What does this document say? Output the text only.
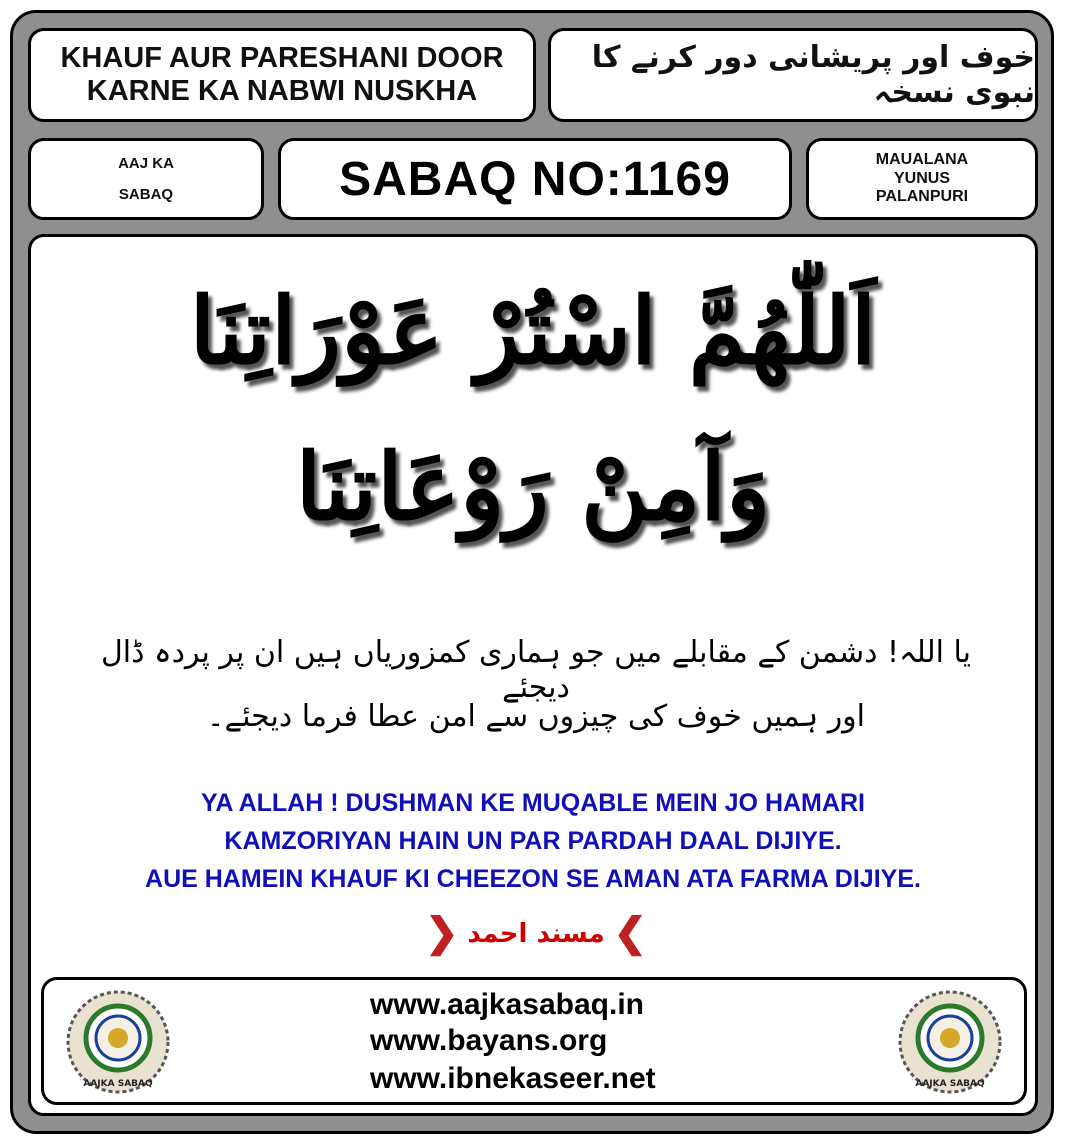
KHAUF AUR PARESHANI DOOR
KARNE KA NABWI NUSKHA
خوف اور پریشانی دور کرنے کا نبوی نسخہ
AAJ KA
SABAQ	SABAQ NO:1169	MAUALANA
YUNUS
PALANPURI
اَللّٰهُمَّ اسْتُرْ عَوْرَاتِنَا
وَآمِنْ رَوْعَاتِنَا
یا اللہ! دشمن کے مقابلے میں جو ہماری کمزوریاں ہیں ان پر پردہ ڈال دیجئے
اور ہمیں خوف کی چیزوں سے امن عطا فرما دیجئے۔
YA ALLAH ! DUSHMAN KE MUQABLE MEIN JO HAMARI
KAMZORIYAN HAIN UN PAR PARDAH DAAL DIJIYE.
AUE HAMEIN KHAUF KI CHEEZON SE AMAN ATA FARMA DIJIYE.
❮ مسند احمد ❯
AAJKA SABAQ
www.aajkasabaq.in
www.bayans.org
www.ibnekaseer.net	AAJKA SABAQ
